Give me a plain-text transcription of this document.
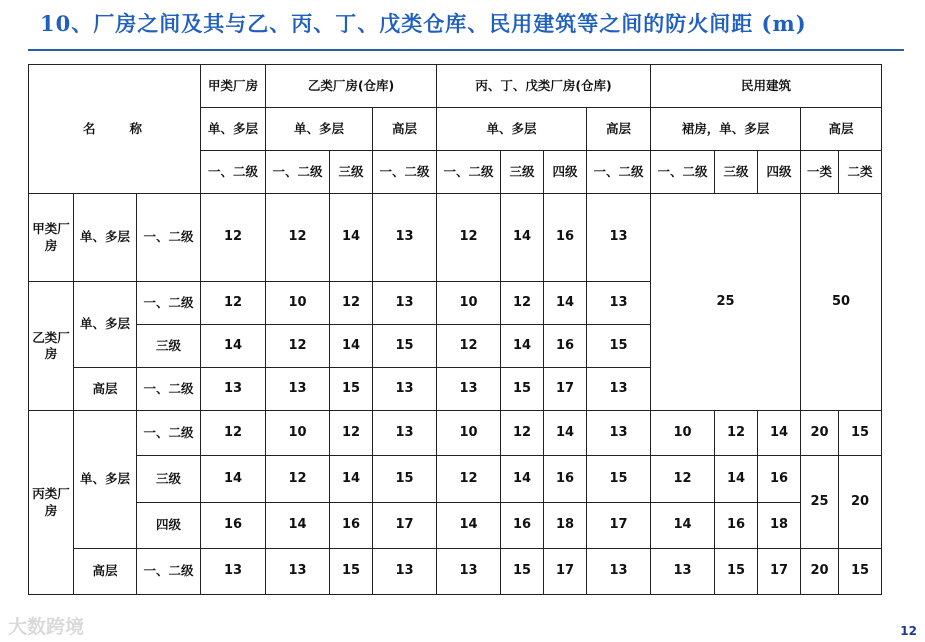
10、厂房之间及其与乙、丙、丁、戊类仓库、民用建筑等之间的防火间距 (m)
名称			甲类厂房	乙类厂房(仓库)			丙、丁、戊类厂房(仓库)				民用建筑				
			单、多层	单、多层		高层	单、多层			高层	裙房，单、多层			高层	
			一、二级	一、二级	三级	一、二级	一、二级	三级	四级	一、二级	一、二级	三级	四级	一类	二类
甲类厂房	单、多层	一、二级	12	12	14	13	12	14	16	13	25			50	
乙类厂房	单、多层	一、二级	12	10	12	13	10	12	14	13					
		三级	14	12	14	15	12	14	16	15					
	高层	一、二级	13	13	15	13	13	15	17	13					
丙类厂房	单、多层	一、二级	12	10	12	13	10	12	14	13	10	12	14	20	15
		三级	14	12	14	15	12	14	16	15	12	14	16	25	20
		四级	16	14	16	17	14	16	18	17	14	16	18		
	高层	一、二级	13	13	15	13	13	15	17	13	13	15	17	20	15
大数跨境	12
